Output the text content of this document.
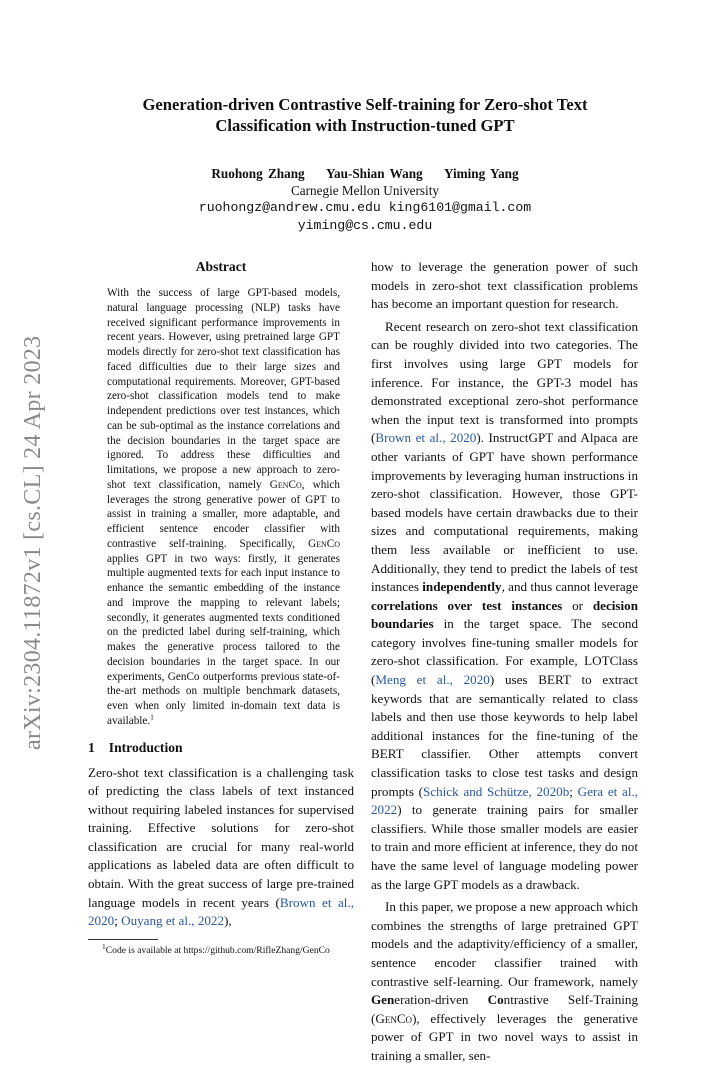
arXiv:2304.11872v1 [cs.CL] 24 Apr 2023
Generation-driven Contrastive Self-training for Zero-shot Text
Classification with Instruction-tuned GPT
Ruohong Zhang Yau-Shian Wang Yiming Yang
Carnegie Mellon University
ruohongz@andrew.cmu.edu king6101@gmail.com
yiming@cs.cmu.edu
Abstract

With the success of large GPT-based models, natural language processing (NLP) tasks have received significant performance improvements in recent years. However, using pretrained large GPT models directly for zero-shot text classification has faced difficulties due to their large sizes and computational requirements. Moreover, GPT-based zero-shot classification models tend to make independent predictions over test instances, which can be sub-optimal as the instance correlations and the decision boundaries in the target space are ignored. To address these difficulties and limitations, we propose a new approach to zero-shot text classification, namely GenCo, which leverages the strong generative power of GPT to assist in training a smaller, more adaptable, and efficient sentence encoder classifier with contrastive self-training. Specifically, GenCo applies GPT in two ways: firstly, it generates multiple augmented texts for each input instance to enhance the semantic embedding of the instance and improve the mapping to relevant labels; secondly, it generates augmented texts conditioned on the predicted label during self-training, which makes the generative process tailored to the decision boundaries in the target space. In our experiments, GenCo outperforms previous state-of-the-art methods on multiple benchmark datasets, even when only limited in-domain text data is available.$^1$

1 Introduction

Zero-shot text classification is a challenging task of predicting the class labels of text instanced without requiring labeled instances for supervised training. Effective solutions for zero-shot classification are crucial for many real-world applications as labeled data are often difficult to obtain. With the great success of large pre-trained language models in recent years (Brown et al., 2020; Ouyang et al., 2022),

$^1$Code is available at https://github.com/RifleZhang/GenCo

how to leverage the generation power of such models in zero-shot text classification problems has become an important question for research.

Recent research on zero-shot text classification can be roughly divided into two categories. The first involves using large GPT models for inference. For instance, the GPT-3 model has demonstrated exceptional zero-shot performance when the input text is transformed into prompts (Brown et al., 2020). InstructGPT and Alpaca are other variants of GPT have shown performance improvements by leveraging human instructions in zero-shot classification. However, those GPT-based models have certain drawbacks due to their sizes and computational requirements, making them less available or inefficient to use. Additionally, they tend to predict the labels of test instances independently, and thus cannot leverage correlations over test instances or decision boundaries in the target space. The second category involves fine-tuning smaller models for zero-shot classification. For example, LOTClass (Meng et al., 2020) uses BERT to extract keywords that are semantically related to class labels and then use those keywords to help label additional instances for the fine-tuning of the BERT classifier. Other attempts convert classification tasks to close test tasks and design prompts (Schick and Schütze, 2020b; Gera et al., 2022) to generate training pairs for smaller classifiers. While those smaller models are easier to train and more efficient at inference, they do not have the same level of language modeling power as the large GPT models as a drawback.

In this paper, we propose a new approach which combines the strengths of large pretrained GPT models and the adaptivity/efficiency of a smaller, sentence encoder classifier trained with contrastive self-learning. Our framework, namely Generation-driven Contrastive Self-Training (GenCo), effectively leverages the generative power of GPT in two novel ways to assist in training a smaller, sen-
